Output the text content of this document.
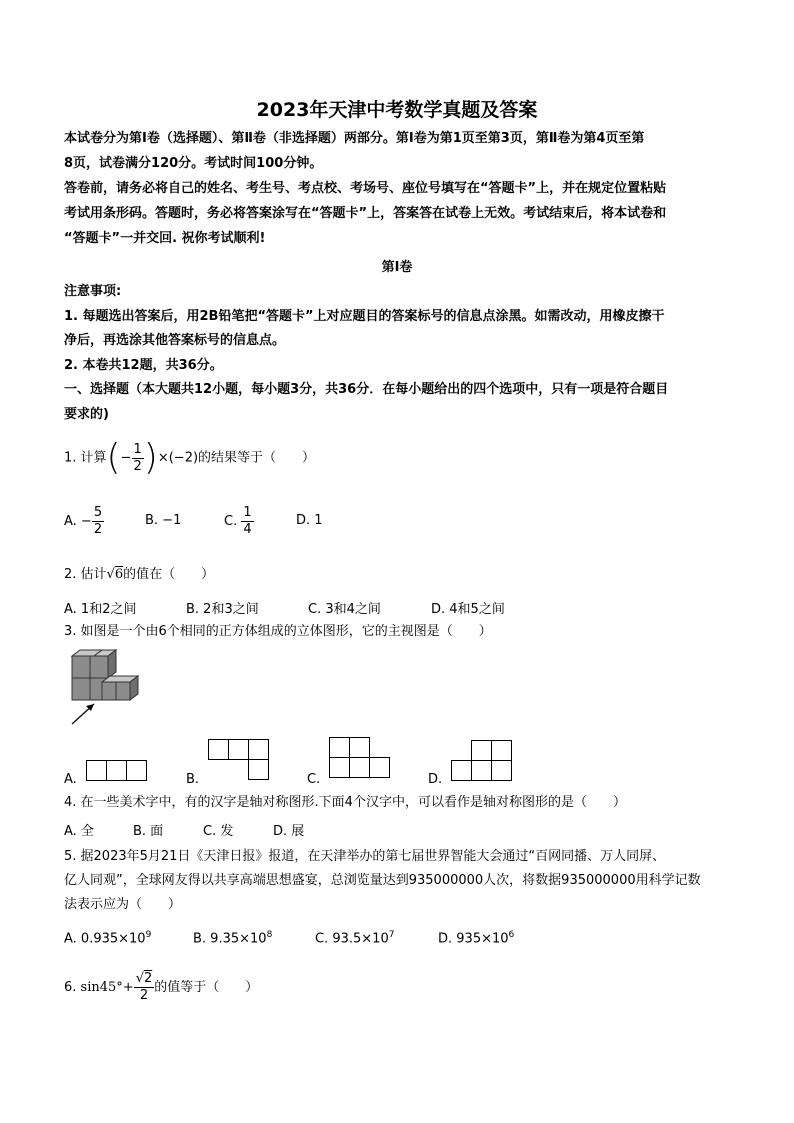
2023年天津中考数学真题及答案
本试卷分为第Ⅰ卷（选择题）、第Ⅱ卷（非选择题）两部分。第Ⅰ卷为第1页至第3页，第Ⅱ卷为第4页至第
8页，试卷满分120分。考试时间100分钟。
答卷前，请务必将自己的姓名、考生号、考点校、考场号、座位号填写在“答题卡”上，并在规定位置粘贴
考试用条形码。答题时，务必将答案涂写在“答题卡”上，答案答在试卷上无效。考试结束后，将本试卷和
“答题卡”一并交回. 祝你考试顺利!
第Ⅰ卷
注意事项:
1. 每题选出答案后，用2B铅笔把“答题卡”上对应题目的答案标号的信息点涂黑。如需改动，用橡皮擦干
净后，再选涂其他答案标号的信息点。
2. 本卷共12题，共36分。
一、选择题（本大题共12小题，每小题3分，共36分．在每小题给出的四个选项中，只有一项是符合题目
要求的)
1. 计算(− $\frac{1}{2} )\times(-2)$的结果等于（　　）
A. − $\frac{5}{2}$	B. −1	C. $\frac{1}{4}$	D. 1
2. 估计√6的值在（　　）
A. 1和2之间	B. 2和3之间	C. 3和4之间	D. 4和5之间
3. 如图是一个由6个相同的正方体组成的立体图形，它的主视图是（　　）
A.	B.	C.	D.
4. 在一些美术字中，有的汉字是轴对称图形.下面4个汉字中，可以看作是轴对称图形的是（　　）
A. 全	B. 面	C. 发	D. 展
5. 据2023年5月21日《天津日报》报道，在天津举办的第七届世界智能大会通过“百网同播、万人同屏、
亿人同观”，全球网友得以共享高端思想盛宴，总浏览量达到935000000人次，将数据935000000用科学记数
法表示应为（　　）
A. $0.935\times 10^9$	B. $9.35\times 10^8$	C. $93.5\times 10^7$	D. $935\times 10^6$
6. $\sin 45^\circ+ \frac{√2}{2}$ 的值等于（　　）
